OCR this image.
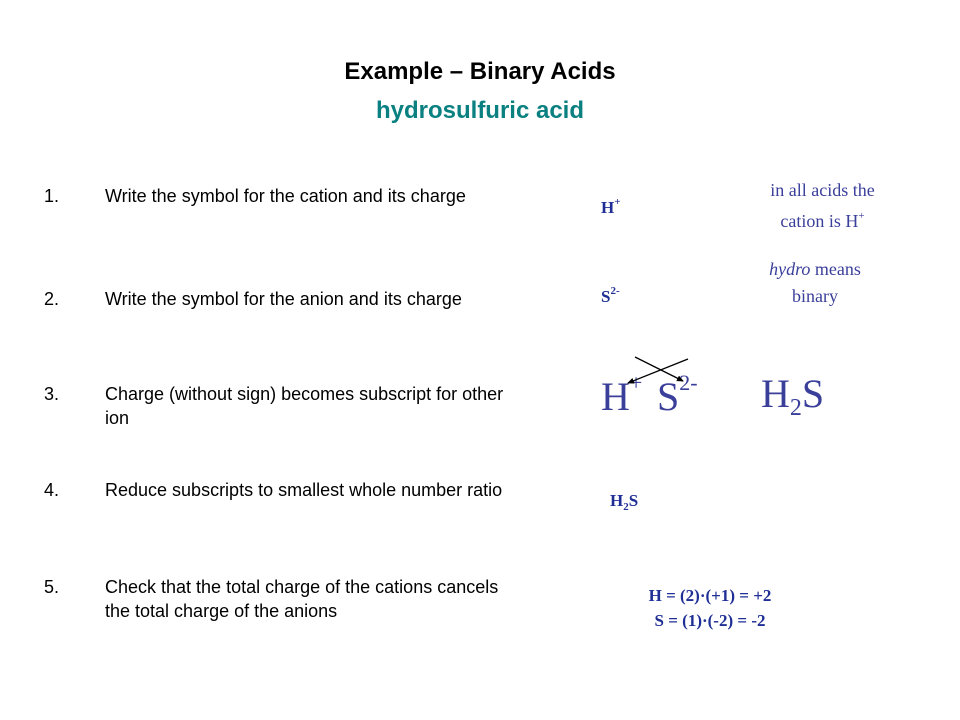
Example – Binary Acids
hydrosulfuric acid
1.	Write the symbol for the cation and its charge
2.	Write the symbol for the anion and its charge
3.	Charge (without sign) becomes subscript for other ion
4.	Reduce subscripts to smallest whole number ratio
5.	Check that the total charge of the cations cancels the total charge of the anions
H+
$S^{2-}$
in all acids the
cation is H+
hydro means
binary
H+ $S^{2-}$ $H_2S$
$H_2S$
H = (2)·(+1) = +2
S = (1)·(-2) = -2
